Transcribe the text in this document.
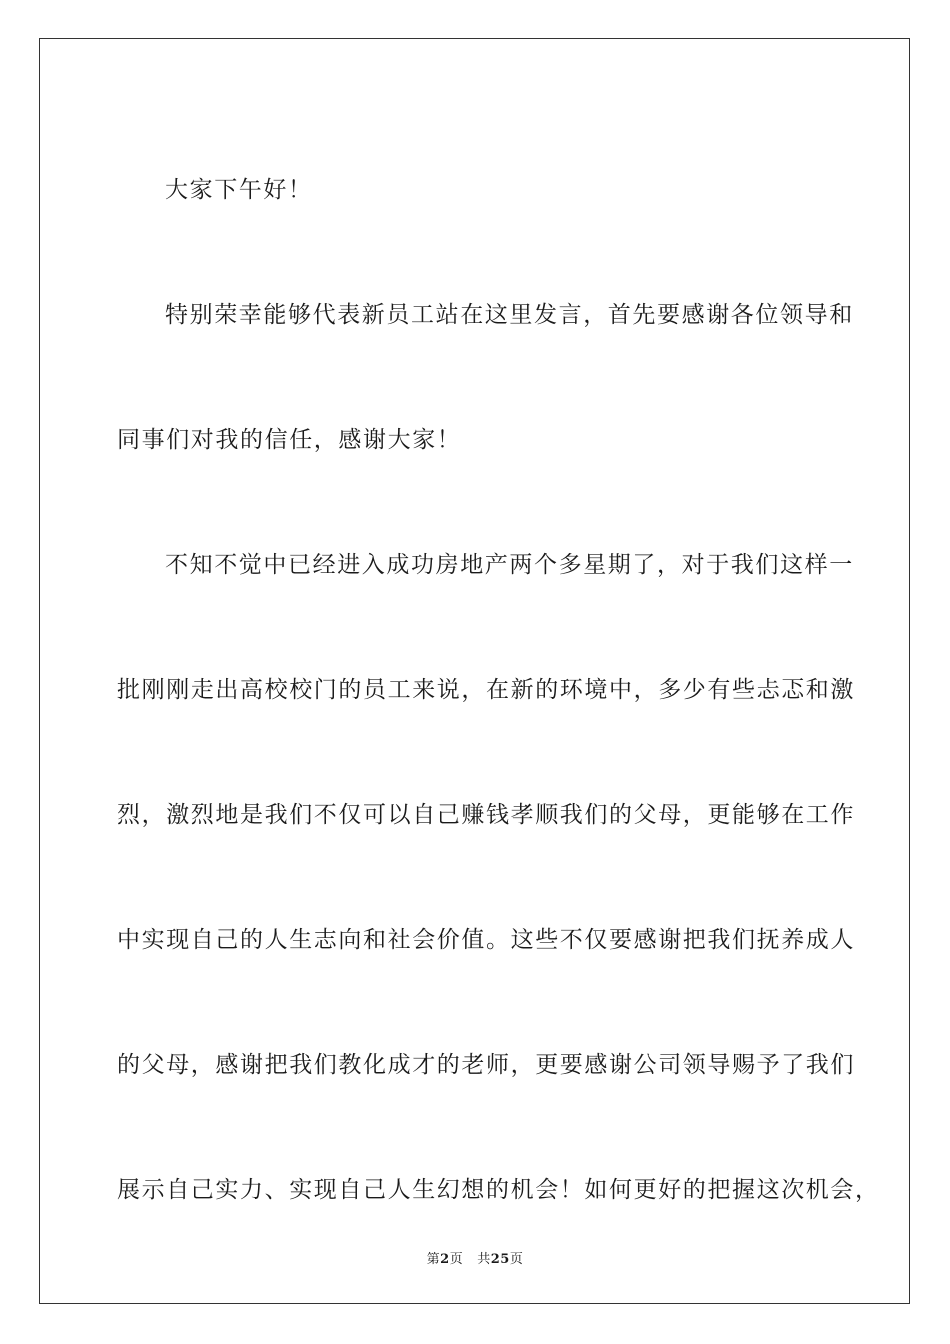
大家下午好！
特别荣幸能够代表新员工站在这里发言，首先要感谢各位领导和
同事们对我的信任，感谢大家！
不知不觉中已经进入成功房地产两个多星期了，对于我们这样一
批刚刚走出高校校门的员工来说，在新的环境中，多少有些忐忑和激
烈，激烈地是我们不仅可以自己赚钱孝顺我们的父母，更能够在工作
中实现自己的人生志向和社会价值。这些不仅要感谢把我们抚养成人
的父母，感谢把我们教化成才的老师，更要感谢公司领导赐予了我们
展示自己实力、实现自己人生幻想的机会！如何更好的把握这次机会，
第2页 共25页
